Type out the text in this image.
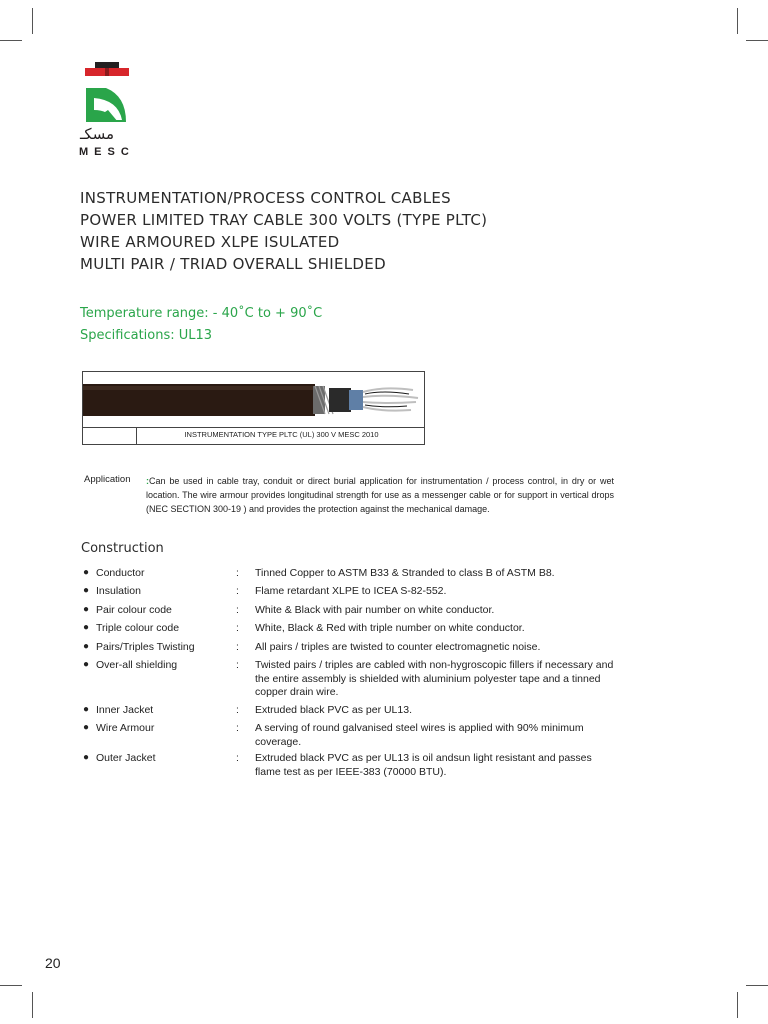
مسكـ
MESC
INSTRUMENTATION/PROCESS CONTROL CABLES
POWER LIMITED TRAY CABLE 300 VOLTS (TYPE PLTC)
WIRE ARMOURED XLPE ISULATED
MULTI PAIR / TRIAD OVERALL SHIELDED
Temperature range: - 40˚C to + 90˚C
Specifications: UL13
INSTRUMENTATION TYPE PLTC (UL) 300 V MESC 2010
Application :Can be used in cable tray, conduit or direct burial application for instrumentation / process control, in dry or wet location. The wire armour provides longitudinal strength for use as a messenger cable or for support in vertical drops (NEC SECTION 300-19 ) and provides the protection against the mechanical damage.
Construction
● Conductor	: Tinned Copper to ASTM B33 & Stranded to class B of ASTM B8.
● Insulation	: Flame retardant XLPE to ICEA S-82-552.
● Pair colour code	: White & Black with pair number on white conductor.
● Triple colour code	: White, Black & Red with triple number on white conductor.
● Pairs/Triples Twisting	: All pairs / triples are twisted to counter electromagnetic noise.
● Over-all shielding	: Twisted pairs / triples are cabled with non-hygroscopic fillers if necessary and the entire assembly is shielded with aluminium polyester tape and a tinned copper drain wire.
● Inner Jacket	: Extruded black PVC as per UL13.
● Wire Armour	: A serving of round galvanised steel wires is applied with 90% minimum coverage.
● Outer Jacket	: Extruded black PVC as per UL13 is oil andsun light resistant and passes flame test as per IEEE-383 (70000 BTU).
20
